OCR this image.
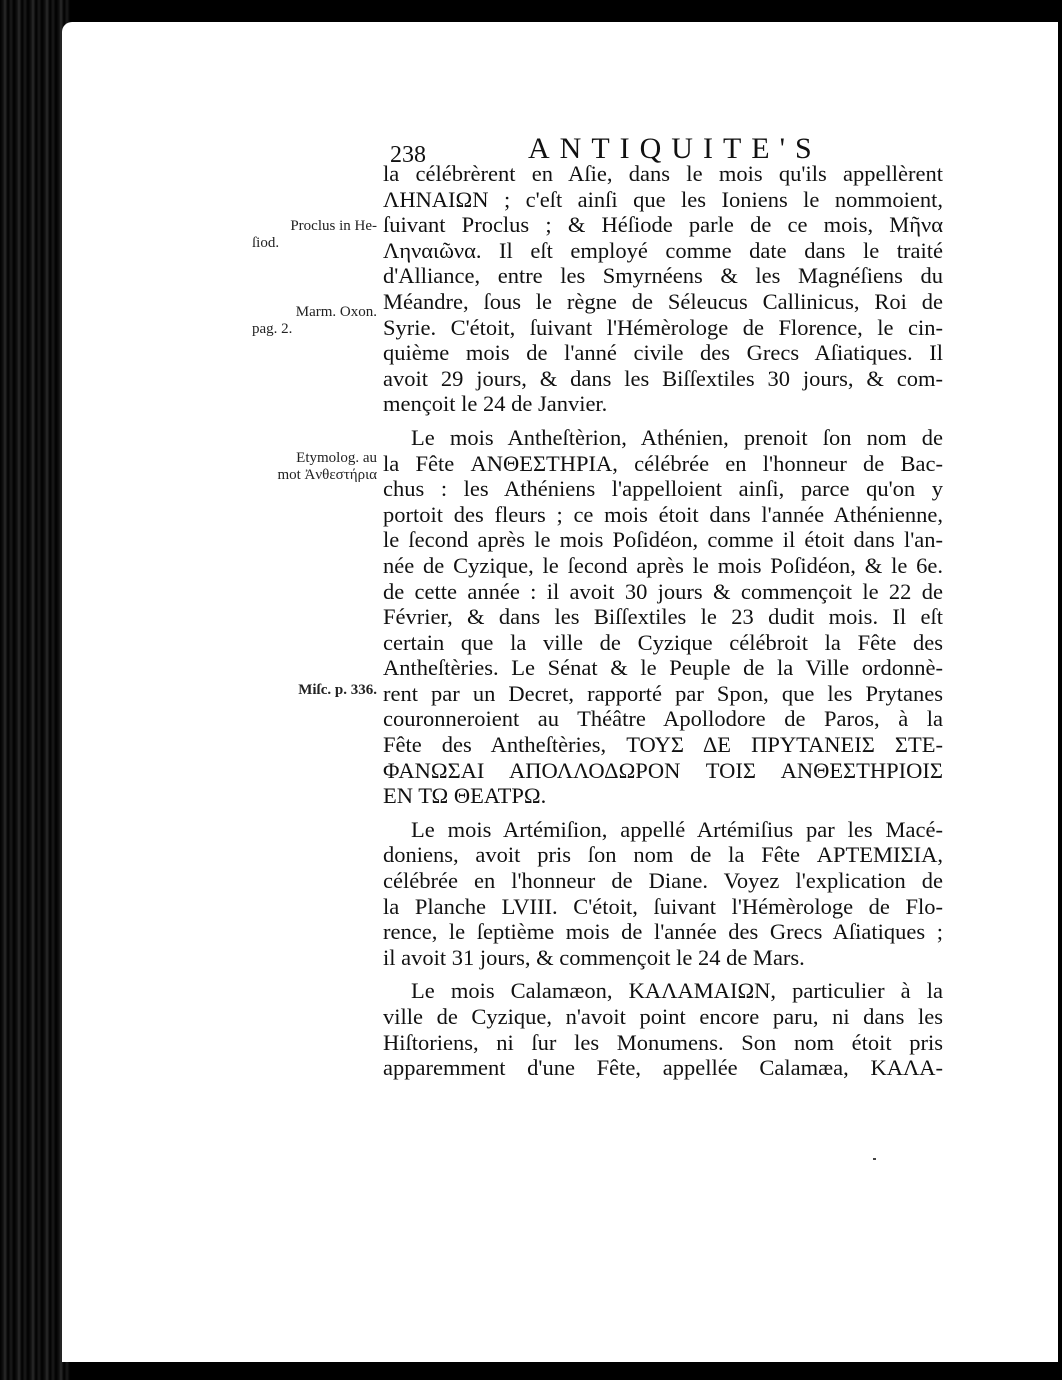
238	ANTIQUITE'S
Proclus in He-
ſiod.
Marm. Oxon.
pag. 2.
Etymolog. au
mot Ἀνθεστήρια
Miſc. p. 336.
la célébrèrent en Aſie, dans le mois qu'ils appellèrent
ΛΗΝΑΙΩΝ ; c'eſt ainſi que les Ioniens le nommoient,
ſuivant Proclus ; & Héſiode parle de ce mois, Μῆνα
Ληναιῶνα. Il eſt employé comme date dans le traité
d'Alliance, entre les Smyrnéens & les Magnéſiens du
Méandre, ſous le règne de Séleucus Callinicus, Roi de
Syrie. C'étoit, ſuivant l'Hémèrologe de Florence, le cin-
quième mois de l'anné civile des Grecs Aſiatiques. Il
avoit 29 jours, & dans les Biſſextiles 30 jours, & com-
mençoit le 24 de Janvier.
Le mois Antheſtèrion, Athénien, prenoit ſon nom de
la Fête ΑΝΘΕΣΤΗΡΙΑ, célébrée en l'honneur de Bac-
chus : les Athéniens l'appelloient ainſi, parce qu'on y
portoit des fleurs ; ce mois étoit dans l'année Athénienne,
le ſecond après le mois Poſidéon, comme il étoit dans l'an-
née de Cyzique, le ſecond après le mois Poſidéon, & le 6e.
de cette année : il avoit 30 jours & commençoit le 22 de
Février, & dans les Biſſextiles le 23 dudit mois. Il eſt
certain que la ville de Cyzique célébroit la Fête des
Antheſtèries. Le Sénat & le Peuple de la Ville ordonnè-
rent par un Decret, rapporté par Spon, que les Prytanes
couronneroient au Théâtre Apollodore de Paros, à la
Fête des Antheſtèries, ΤΟΥΣ ΔΕ ΠΡΥΤΑΝΕΙΣ ΣΤΕ-
ΦΑΝΩΣΑΙ ΑΠΟΛΛΟΔΩΡΟΝ ΤΟΙΣ ΑΝΘΕΣΤΗΡΙΟΙΣ
ΕΝ ΤΩ ΘΕΑΤΡΩ.
Le mois Artémiſion, appellé Artémiſius par les Macé-
doniens, avoit pris ſon nom de la Fête ΑΡΤΕΜΙΣΙΑ,
célébrée en l'honneur de Diane. Voyez l'explication de
la Planche LVIII. C'étoit, ſuivant l'Hémèrologe de Flo-
rence, le ſeptième mois de l'année des Grecs Aſiatiques ;
il avoit 31 jours, & commençoit le 24 de Mars.
Le mois Calamæon, ΚΑΛΑΜΑΙΩΝ, particulier à la
ville de Cyzique, n'avoit point encore paru, ni dans les
Hiſtoriens, ni ſur les Monumens. Son nom étoit pris
apparemment d'une Fête, appellée Calamæa, ΚΑΛΑ-
